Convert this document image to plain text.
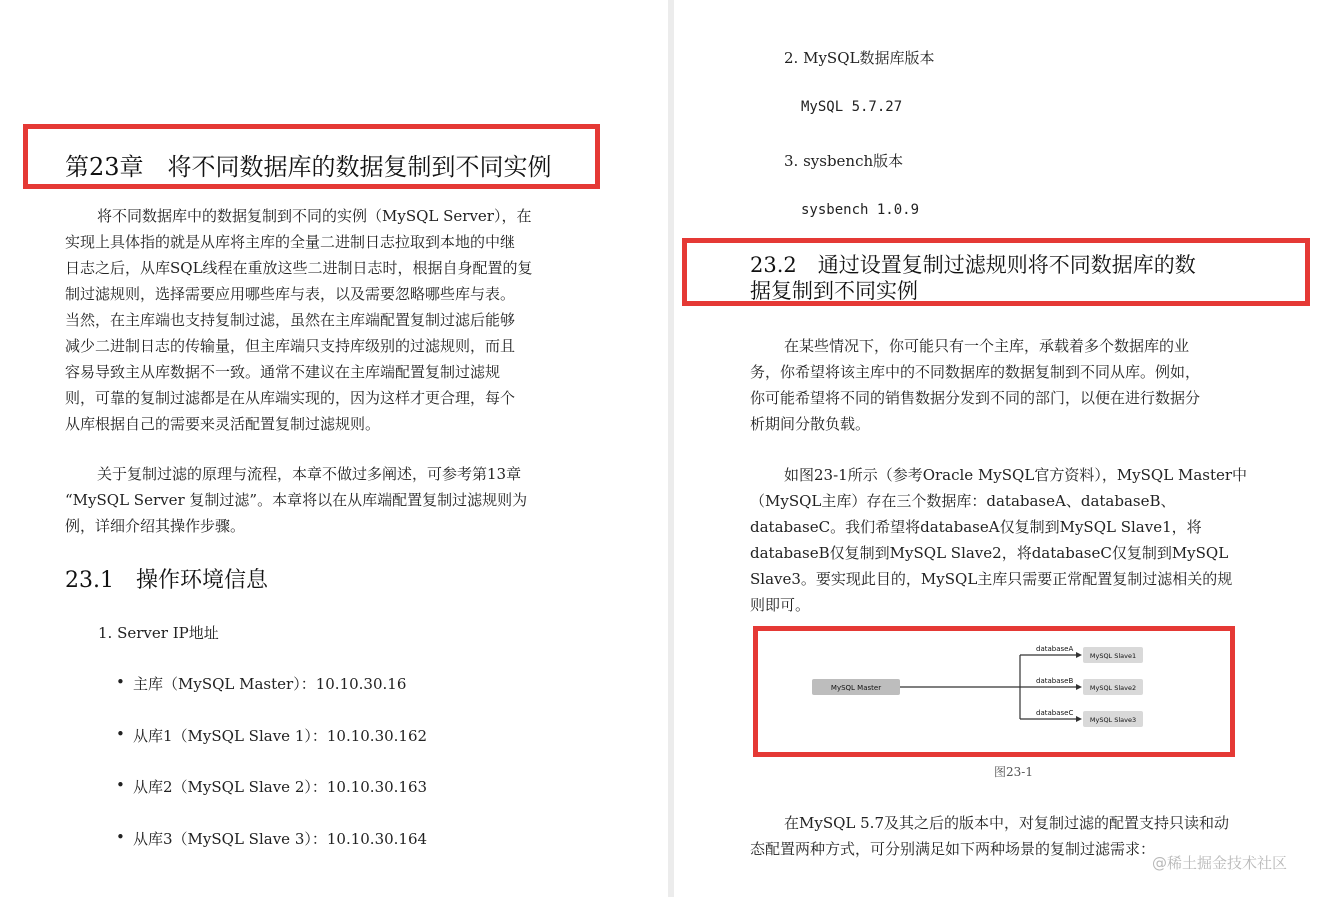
第23章　将不同数据库的数据复制到不同实例
将不同数据库中的数据复制到不同的实例（MySQL Server），在
实现上具体指的就是从库将主库的全量二进制日志拉取到本地的中继
日志之后，从库SQL线程在重放这些二进制日志时，根据自身配置的复
制过滤规则，选择需要应用哪些库与表，以及需要忽略哪些库与表。
当然，在主库端也支持复制过滤，虽然在主库端配置复制过滤后能够
减少二进制日志的传输量，但主库端只支持库级别的过滤规则，而且
容易导致主从库数据不一致。通常不建议在主库端配置复制过滤规
则，可靠的复制过滤都是在从库端实现的，因为这样才更合理，每个
从库根据自己的需要来灵活配置复制过滤规则。
关于复制过滤的原理与流程，本章不做过多阐述，可参考第13章
“MySQL Server 复制过滤”。本章将以在从库端配置复制过滤规则为
例，详细介绍其操作步骤。
23.1　操作环境信息
1. Server IP地址
• 主库（MySQL Master）：10.10.30.16
• 从库1（MySQL Slave 1）：10.10.30.162
• 从库2（MySQL Slave 2）：10.10.30.163
• 从库3（MySQL Slave 3）：10.10.30.164
2. MySQL数据库版本
MySQL 5.7.27
3. sysbench版本
sysbench 1.0.9
23.2　通过设置复制过滤规则将不同数据库的数
据复制到不同实例
在某些情况下，你可能只有一个主库，承载着多个数据库的业
务，你希望将该主库中的不同数据库的数据复制到不同从库。例如，
你可能希望将不同的销售数据分发到不同的部门，以便在进行数据分
析期间分散负载。
如图23-1所示（参考Oracle MySQL官方资料），MySQL Master中
（MySQL主库）存在三个数据库：databaseA、databaseB、
databaseC。我们希望将databaseA仅复制到MySQL Slave1，将
databaseB仅复制到MySQL Slave2，将databaseC仅复制到MySQL
Slave3。要实现此目的，MySQL主库只需要正常配置复制过滤相关的规
则即可。
MySQL Master
MySQL Slave1
MySQL Slave2
MySQL Slave3
databaseA
databaseB
databaseC
图23-1
在MySQL 5.7及其之后的版本中，对复制过滤的配置支持只读和动
态配置两种方式，可分别满足如下两种场景的复制过滤需求：
@稀土掘金技术社区
